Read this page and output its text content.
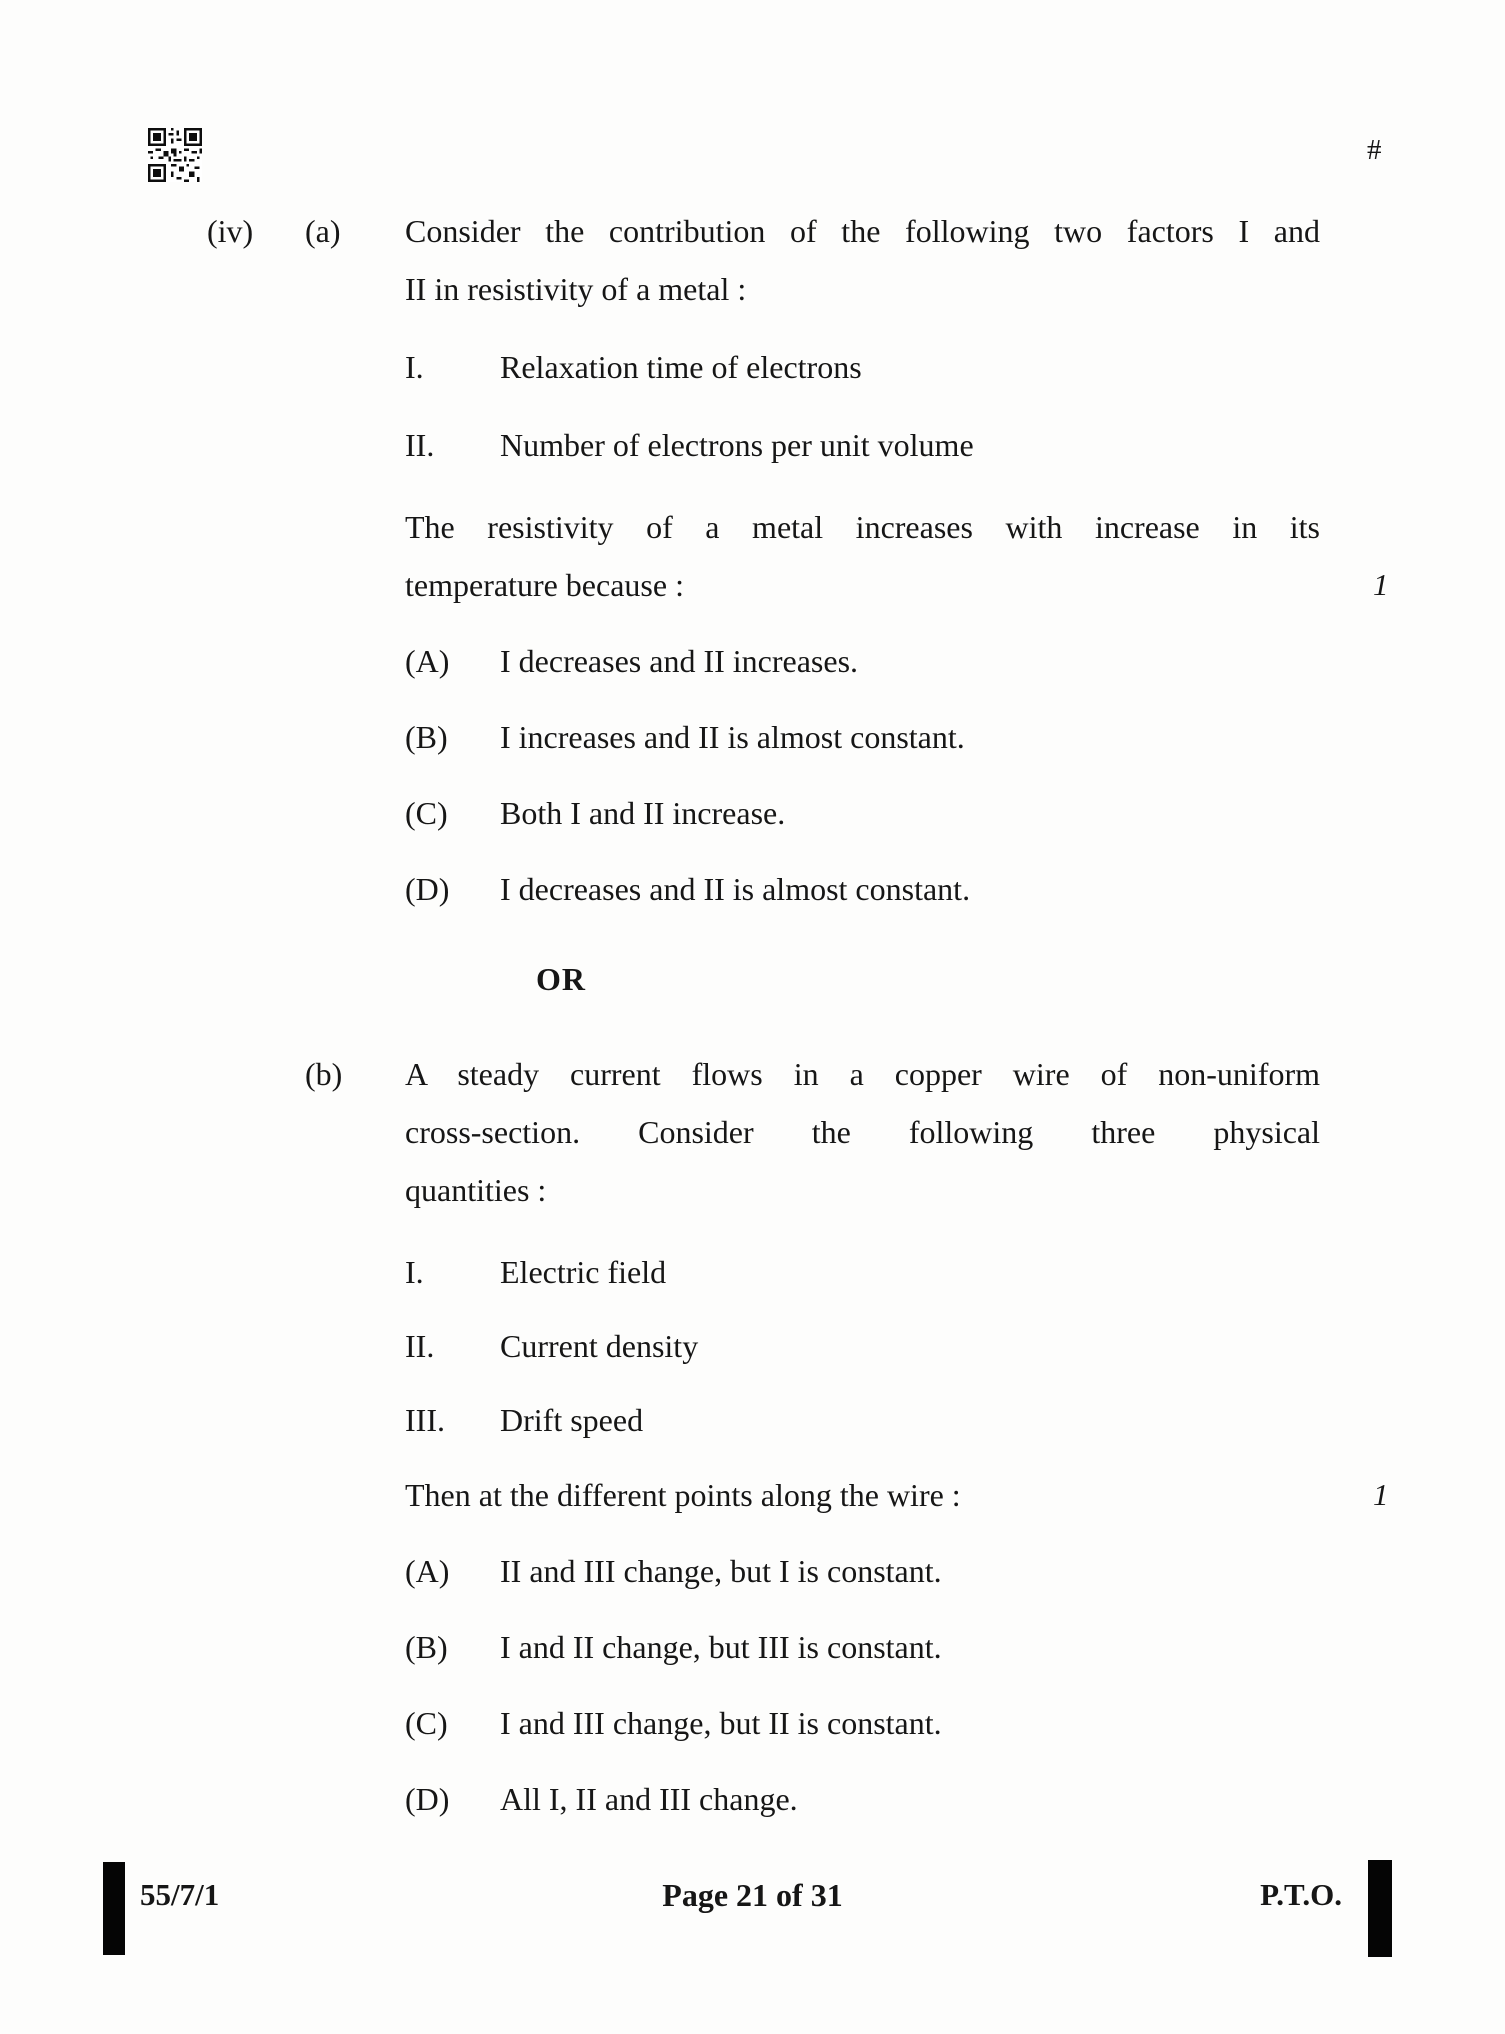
#
(iv) (a) Consider the contribution of the following two factors I and
II in resistivity of a metal :
I.	Relaxation time of electrons
II.	Number of electrons per unit volume
The resistivity of a metal increases with increase in its
temperature because :	1
(A)	I decreases and II increases.
(B)	I increases and II is almost constant.
(C)	Both I and II increase.
(D)	I decreases and II is almost constant.
OR
(b) A steady current flows in a copper wire of non-uniform
cross-section. Consider the following three physical
quantities :
I.	Electric field
II.	Current density
III.	Drift speed
Then at the different points along the wire :	1
(A)	II and III change, but I is constant.
(B)	I and II change, but III is constant.
(C)	I and III change, but II is constant.
(D)	All I, II and III change.
55/7/1	Page 21 of 31	P.T.O.
